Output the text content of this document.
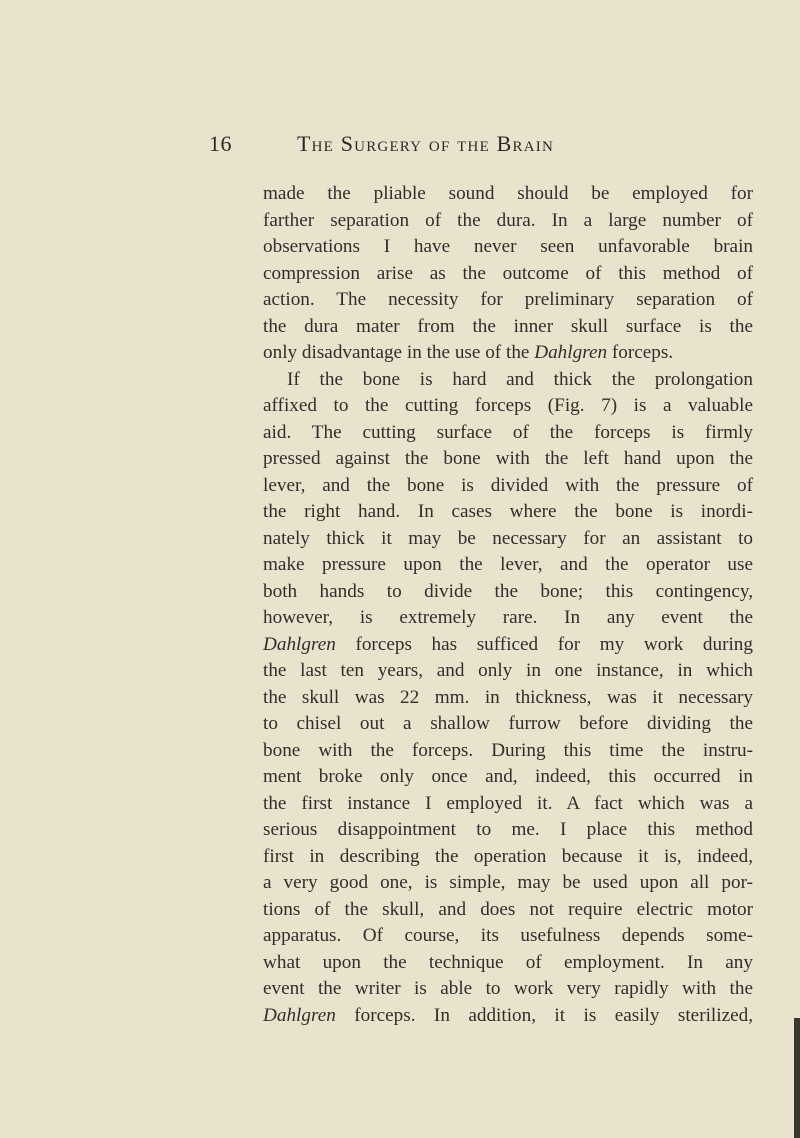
16	The Surgery of the Brain
made the pliable sound should be employed for
farther separation of the dura. In a large number of
observations I have never seen unfavorable brain
compression arise as the outcome of this method of
action. The necessity for preliminary separation of
the dura mater from the inner skull surface is the
only disadvantage in the use of the Dahlgren forceps.
If the bone is hard and thick the prolongation
affixed to the cutting forceps (Fig. 7) is a valuable
aid. The cutting surface of the forceps is firmly
pressed against the bone with the left hand upon the
lever, and the bone is divided with the pressure of
the right hand. In cases where the bone is inordi-
nately thick it may be necessary for an assistant to
make pressure upon the lever, and the operator use
both hands to divide the bone; this contingency,
however, is extremely rare. In any event the
Dahlgren forceps has sufficed for my work during
the last ten years, and only in one instance, in which
the skull was 22 mm. in thickness, was it necessary
to chisel out a shallow furrow before dividing the
bone with the forceps. During this time the instru-
ment broke only once and, indeed, this occurred in
the first instance I employed it. A fact which was a
serious disappointment to me. I place this method
first in describing the operation because it is, indeed,
a very good one, is simple, may be used upon all por-
tions of the skull, and does not require electric motor
apparatus. Of course, its usefulness depends some-
what upon the technique of employment. In any
event the writer is able to work very rapidly with the
Dahlgren forceps. In addition, it is easily sterilized,
